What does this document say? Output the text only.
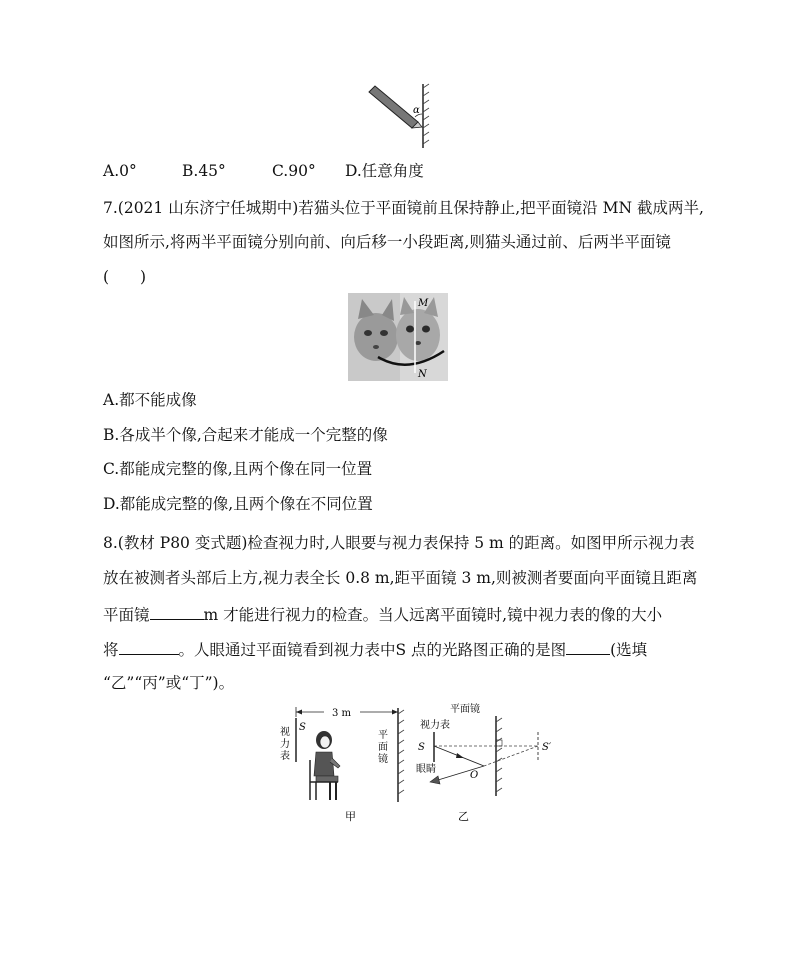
α
A.0°	B.45°	C.90° D.任意角度
7.(2021 山东济宁任城期中)若猫头位于平面镜前且保持静止,把平面镜沿 MN 截成两半,
如图所示,将两半平面镜分别向前、向后移一小段距离,则猫头通过前、后两半平面镜
(　　)
M
N
A.都不能成像
B.各成半个像,合起来才能成一个完整的像
C.都能成完整的像,且两个像在同一位置
D.都能成完整的像,且两个像在不同位置
8.(教材 P80 变式题)检查视力时,人眼要与视力表保持 5 m 的距离。如图甲所示视力表
放在被测者头部后上方,视力表全长 0.8 m,距平面镜 3 m,则被测者要面向平面镜且距离
平面镜	m 才能进行视力的检查。当人远离平面镜时,镜中视力表的像的大小
将	。人眼通过平面镜看到视力表中S 点的光路图正确的是图	(选填
“乙”“丙”或“丁”)。
3 m
S
视
力
表
平
面
镜
甲
平面镜
视力表
S	S′
O
眼睛
乙
